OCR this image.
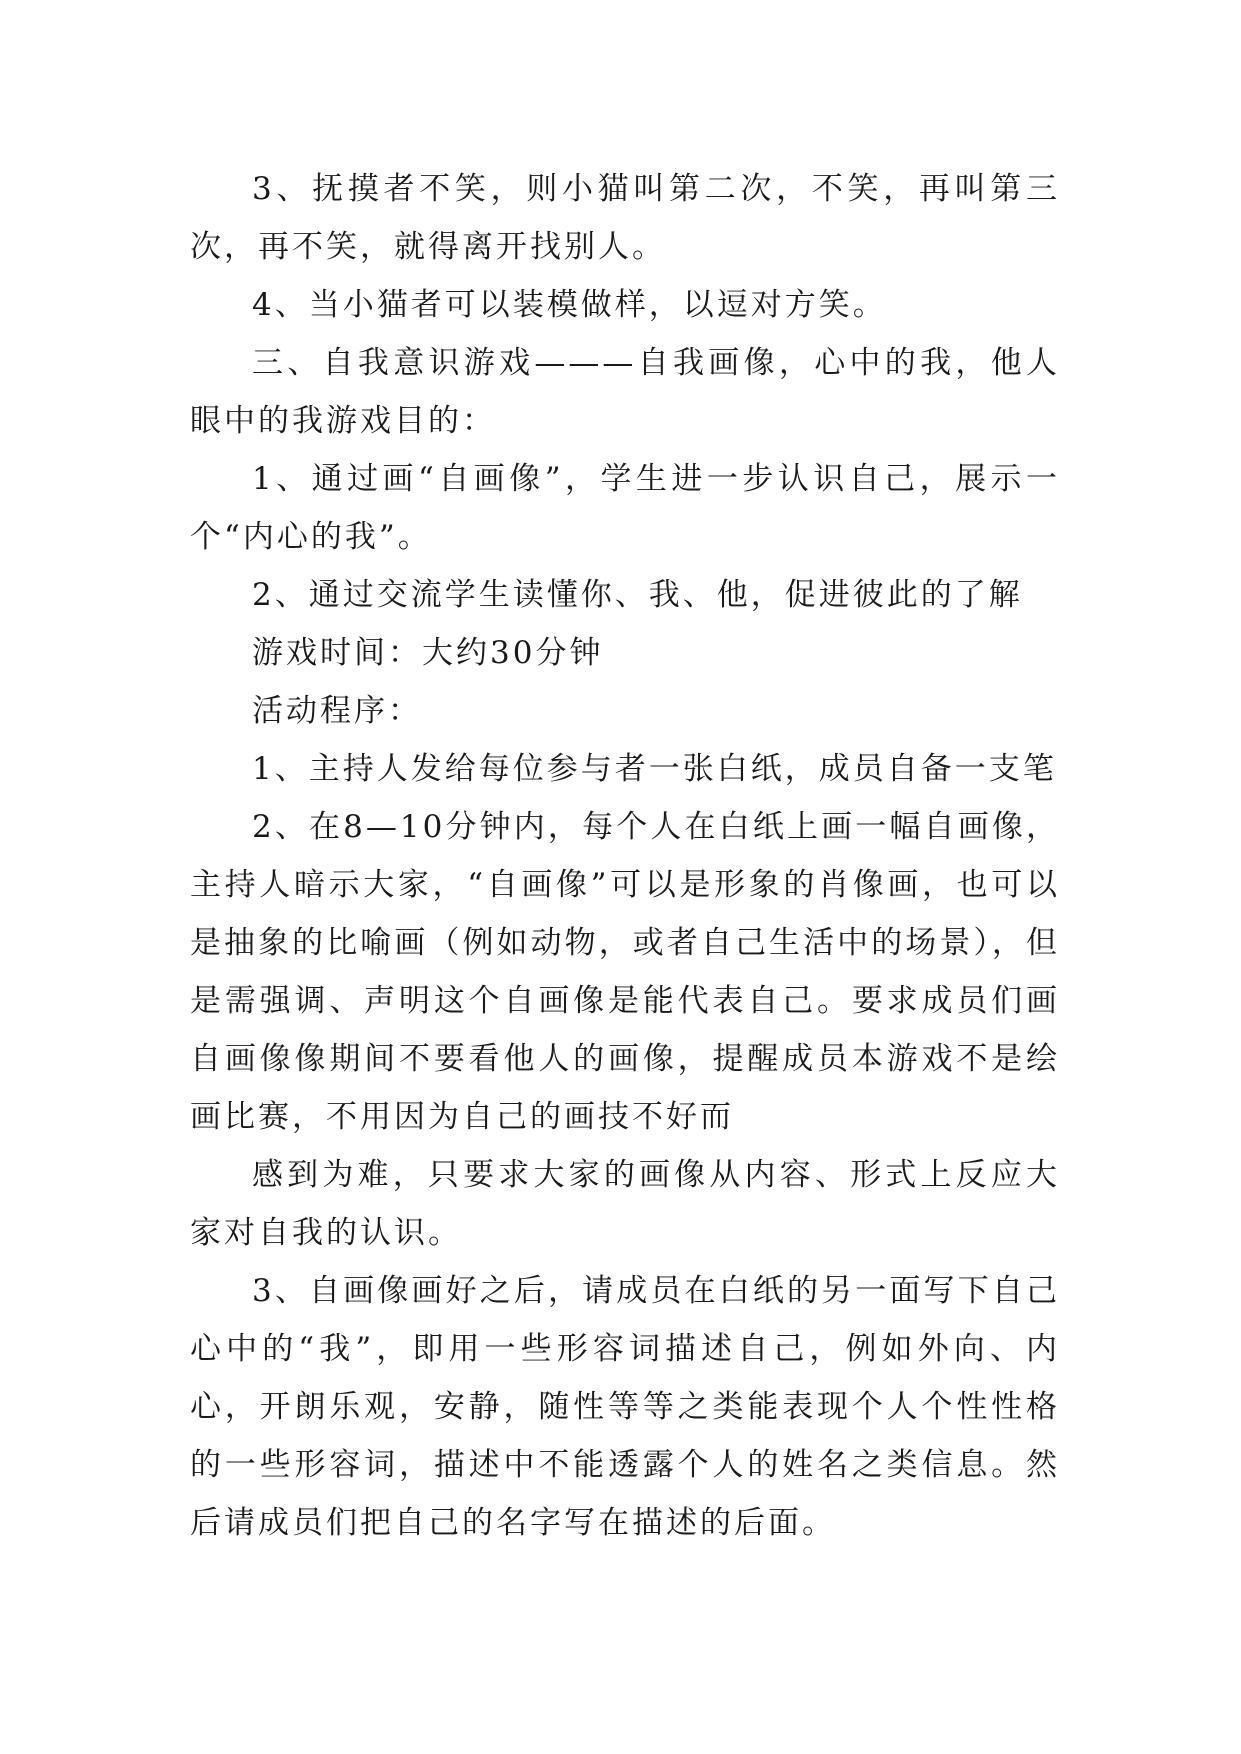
3、抚摸者不笑，则小猫叫第二次，不笑，再叫第三次，再不笑，就得离开找别人。

4、当小猫者可以装模做样，以逗对方笑。

三、自我意识游戏———自我画像，心中的我，他人眼中的我游戏目的：

1、通过画“自画像”，学生进一步认识自己，展示一个“内心的我”。

2、通过交流学生读懂你、我、他，促进彼此的了解

游戏时间：大约30分钟

活动程序：

1、主持人发给每位参与者一张白纸，成员自备一支笔

2、在8—10分钟内，每个人在白纸上画一幅自画像，主持人暗示大家，“自画像”可以是形象的肖像画，也可以是抽象的比喻画（例如动物，或者自己生活中的场景），但是需强调、声明这个自画像是能代表自己。要求成员们画自画像像期间不要看他人的画像，提醒成员本游戏不是绘画比赛，不用因为自己的画技不好而

感到为难，只要求大家的画像从内容、形式上反应大家对自我的认识。

3、自画像画好之后，请成员在白纸的另一面写下自己心中的“我”，即用一些形容词描述自己，例如外向、内心，开朗乐观，安静，随性等等之类能表现个人个性性格的一些形容词，描述中不能透露个人的姓名之类信息。然后请成员们把自己的名字写在描述的后面。
